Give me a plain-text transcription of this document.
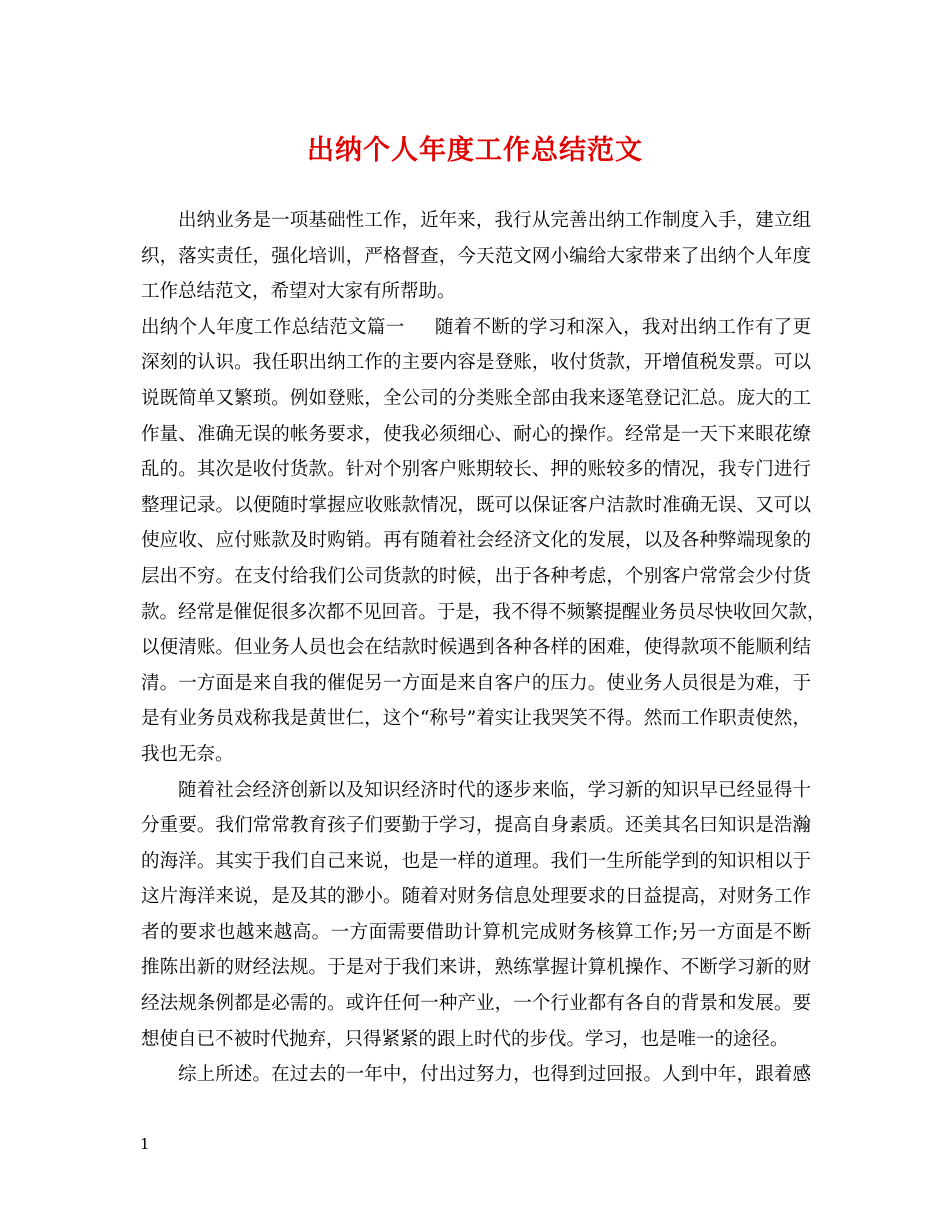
出纳个人年度工作总结范文
出纳业务是一项基础性工作，近年来，我行从完善出纳工作制度入手，建立组
织，落实责任，强化培训，严格督查，今天范文网小编给大家带来了出纳个人年度
工作总结范文，希望对大家有所帮助。
出纳个人年度工作总结范文篇一 随着不断的学习和深入，我对出纳工作有了更
深刻的认识。我任职出纳工作的主要内容是登账，收付货款，开增值税发票。可以
说既简单又繁琐。例如登账，全公司的分类账全部由我来逐笔登记汇总。庞大的工
作量、准确无误的帐务要求，使我必须细心、耐心的操作。经常是一天下来眼花缭
乱的。其次是收付货款。针对个别客户账期较长、押的账较多的情况，我专门进行
整理记录。以便随时掌握应收账款情况，既可以保证客户洁款时准确无误、又可以
使应收、应付账款及时购销。再有随着社会经济文化的发展，以及各种弊端现象的
层出不穷。在支付给我们公司货款的时候，出于各种考虑，个别客户常常会少付货
款。经常是催促很多次都不见回音。于是，我不得不频繁提醒业务员尽快收回欠款，
以便清账。但业务人员也会在结款时候遇到各种各样的困难，使得款项不能顺利结
清。一方面是来自我的催促另一方面是来自客户的压力。使业务人员很是为难，于
是有业务员戏称我是黄世仁，这个“称号”着实让我哭笑不得。然而工作职责使然，
我也无奈。
随着社会经济创新以及知识经济时代的逐步来临，学习新的知识早已经显得十
分重要。我们常常教育孩子们要勤于学习，提高自身素质。还美其名曰知识是浩瀚
的海洋。其实于我们自己来说，也是一样的道理。我们一生所能学到的知识相以于
这片海洋来说，是及其的渺小。随着对财务信息处理要求的日益提高，对财务工作
者的要求也越来越高。一方面需要借助计算机完成财务核算工作;另一方面是不断
推陈出新的财经法规。于是对于我们来讲，熟练掌握计算机操作、不断学习新的财
经法规条例都是必需的。或许任何一种产业，一个行业都有各自的背景和发展。要
想使自已不被时代抛弃，只得紧紧的跟上时代的步伐。学习，也是唯一的途径。
综上所述。在过去的一年中，付出过努力，也得到过回报。人到中年，跟着感
1
